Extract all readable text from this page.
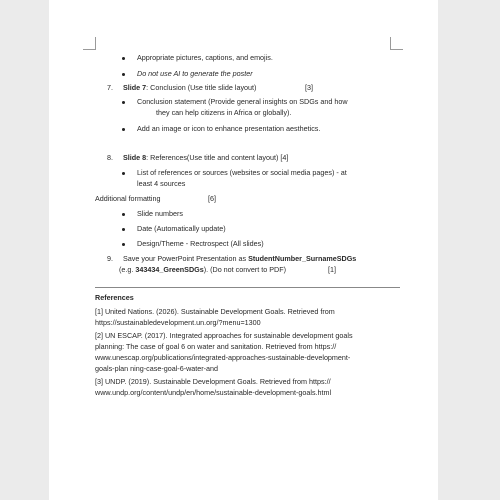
Appropriate pictures, captions, and emojis.
Do not use AI to generate the poster
7. Slide 7: Conclusion (Use title slide layout)	[3]
Conclusion statement (Provide general insights on SDGs and how
they can help citizens in Africa or globally).
Add an image or icon to enhance presentation aesthetics.
8. Slide 8: References(Use title and content layout) [4]
List of references or sources (websites or social media pages) - at
least 4 sources
Additional formatting	[6]
Slide numbers
Date (Automatically update)
Design/Theme - Rectrospect (All slides)
9. Save your PowerPoint Presentation as StudentNumber_SurnameSDGs
(e.g. 343434_GreenSDGs). (Do not convert to PDF)	[1]
References
[1] United Nations. (2026). Sustainable Development Goals. Retrieved from
https://sustainabledevelopment.un.org/?menu=1300
[2] UN ESCAP. (2017). Integrated approaches for sustainable development goals
planning: The case of goal 6 on water and sanitation. Retrieved from https://
www.unescap.org/publications/integrated-approaches-sustainable-development-
goals-plan ning-case-goal-6-water-and
[3] UNDP. (2019). Sustainable Development Goals. Retrieved from https://
www.undp.org/content/undp/en/home/sustainable-development-goals.html
